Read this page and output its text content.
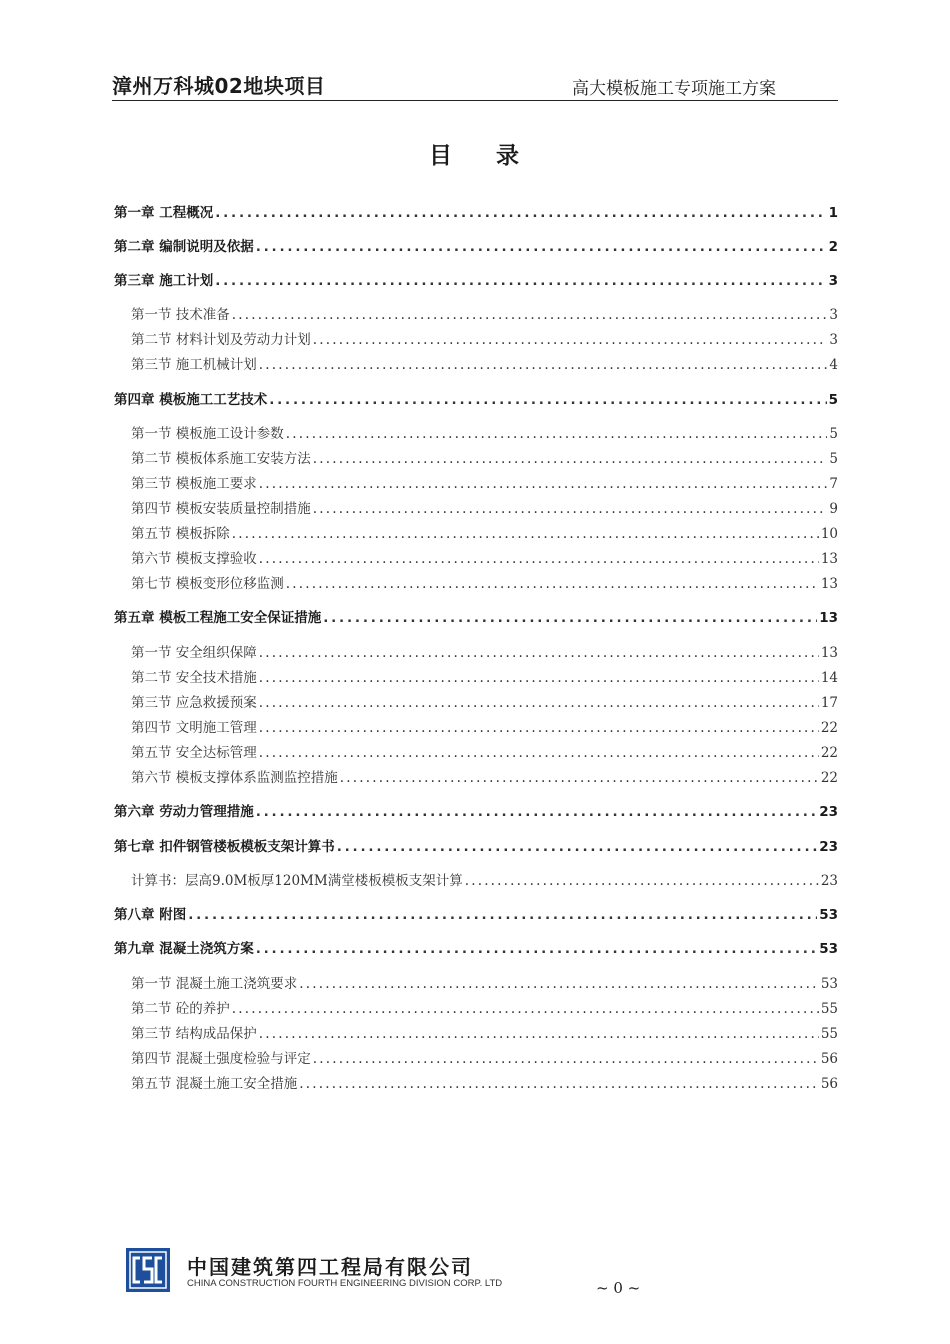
漳州万科城02地块项目	高大模板施工专项施工方案
目 录
第一章 工程概况 .....	1
第二章 编制说明及依据 .....	2
第三章 施工计划 .....	3
第一节 技术准备 .....	3
第二节 材料计划及劳动力计划 .....	3
第三节 施工机械计划 .....	4
第四章 模板施工工艺技术 .....	5
第一节 模板施工设计参数 .....	5
第二节 模板体系施工安装方法 .....	5
第三节 模板施工要求 .....	7
第四节 模板安装质量控制措施 .....	9
第五节 模板拆除 .....	10
第六节 模板支撑验收 .....	13
第七节 模板变形位移监测 .....	13
第五章 模板工程施工安全保证措施 .....	13
第一节 安全组织保障 .....	13
第二节 安全技术措施 .....	14
第三节 应急救援预案 .....	17
第四节 文明施工管理 .....	22
第五节 安全达标管理 .....	22
第六节 模板支撑体系监测监控措施 .....	22
第六章 劳动力管理措施 .....	23
第七章 扣件钢管楼板模板支架计算书 .....	23
计算书：层高9.0M板厚120MM满堂楼板模板支架计算 .....	23
第八章 附图 .....	53
第九章 混凝土浇筑方案 .....	53
第一节 混凝土施工浇筑要求 .....	53
第二节 砼的养护 .....	55
第三节 结构成品保护 .....	55
第四节 混凝土强度检验与评定 .....	56
第五节 混凝土施工安全措施 .....	56
中国建筑第四工程局有限公司
CHINA CONSTRUCTION FOURTH ENGINEERING DIVISION CORP. LTD	~ 0 ~
